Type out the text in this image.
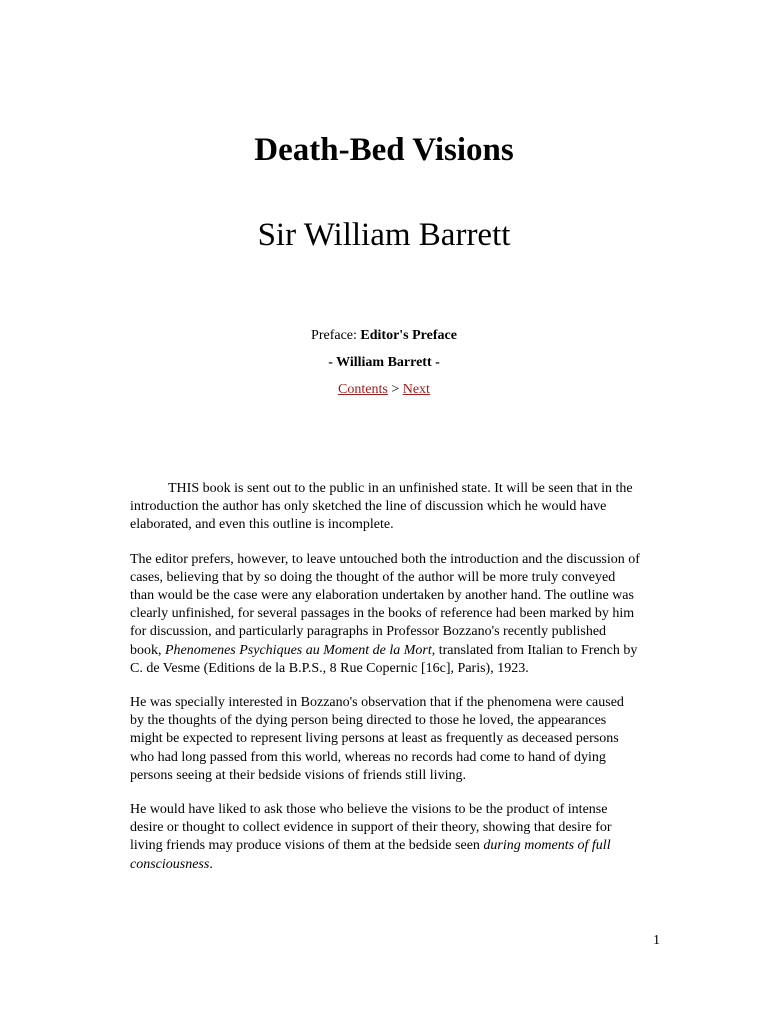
Death-Bed Visions
Sir William Barrett
Preface: Editor's Preface
- William Barrett -
Contents > Next

THIS book is sent out to the public in an unfinished state. It will be seen that in the introduction the author has only sketched the line of discussion which he would have elaborated, and even this outline is incomplete.

The editor prefers, however, to leave untouched both the introduction and the discussion of cases, believing that by so doing the thought of the author will be more truly conveyed than would be the case were any elaboration undertaken by another hand. The outline was clearly unfinished, for several passages in the books of reference had been marked by him for discussion, and particularly paragraphs in Professor Bozzano's recently published book, Phenomenes Psychiques au Moment de la Mort, translated from Italian to French by C. de Vesme (Editions de la B.P.S., 8 Rue Copernic [16c], Paris), 1923.

He was specially interested in Bozzano's observation that if the phenomena were caused by the thoughts of the dying person being directed to those he loved, the appearances might be expected to represent living persons at least as frequently as deceased persons who had long passed from this world, whereas no records had come to hand of dying persons seeing at their bedside visions of friends still living.

He would have liked to ask those who believe the visions to be the product of intense desire or thought to collect evidence in support of their theory, showing that desire for living friends may produce visions of them at the bedside seen during moments of full consciousness.

1
